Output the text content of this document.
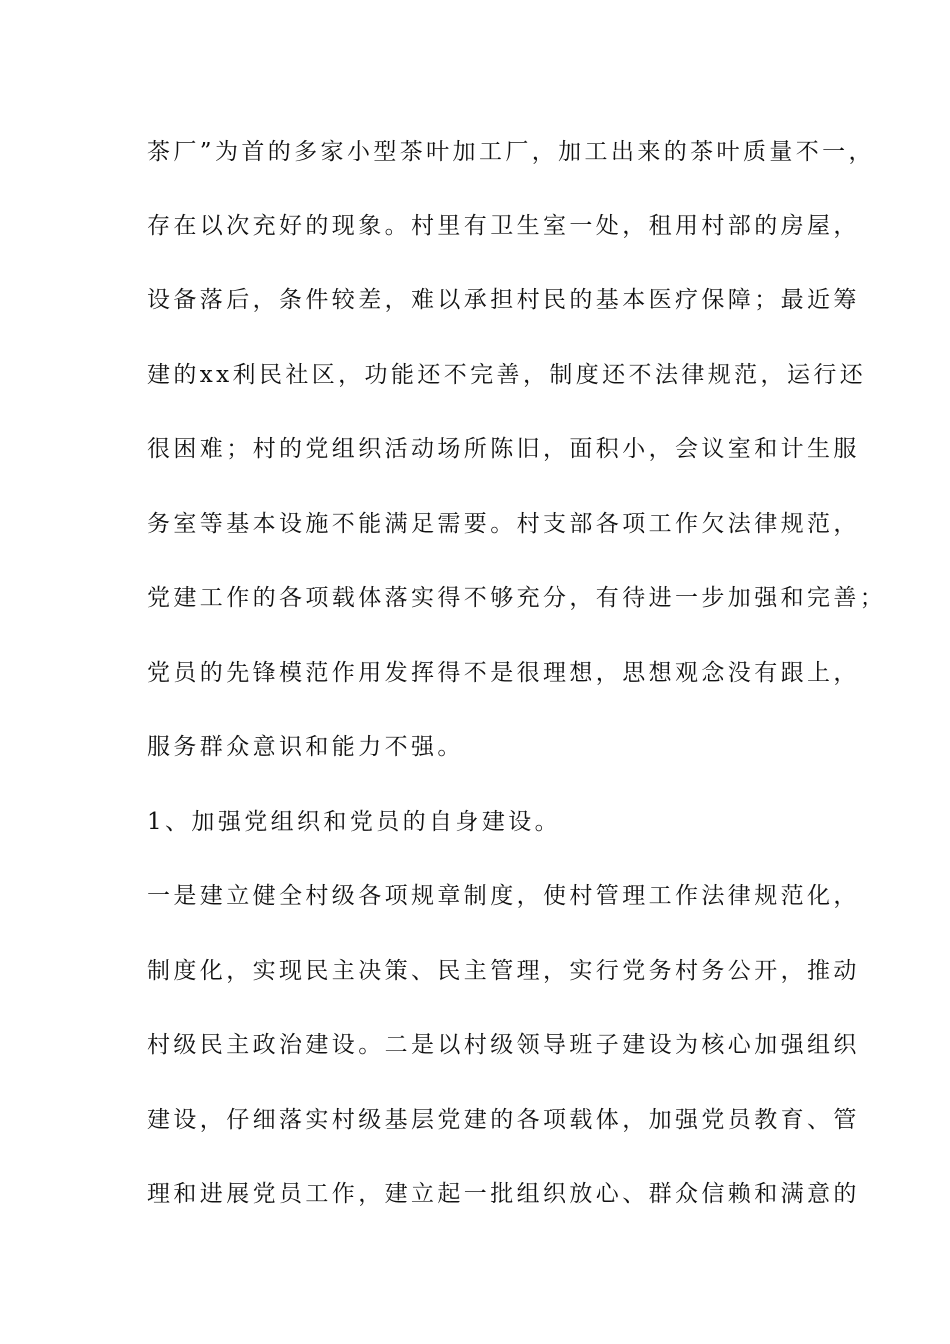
茶厂”为首的多家小型茶叶加工厂，加工出来的茶叶质量不一，
存在以次充好的现象。村里有卫生室一处，租用村部的房屋，
设备落后，条件较差，难以承担村民的基本医疗保障；最近筹
建的xx利民社区，功能还不完善，制度还不法律规范，运行还
很困难；村的党组织活动场所陈旧，面积小，会议室和计生服
务室等基本设施不能满足需要。村支部各项工作欠法律规范，
党建工作的各项载体落实得不够充分，有待进一步加强和完善；
党员的先锋模范作用发挥得不是很理想，思想观念没有跟上，
服务群众意识和能力不强。
1、加强党组织和党员的自身建设。
一是建立健全村级各项规章制度，使村管理工作法律规范化，
制度化，实现民主决策、民主管理，实行党务村务公开，推动
村级民主政治建设。二是以村级领导班子建设为核心加强组织
建设，仔细落实村级基层党建的各项载体，加强党员教育、管
理和进展党员工作，建立起一批组织放心、群众信赖和满意的
